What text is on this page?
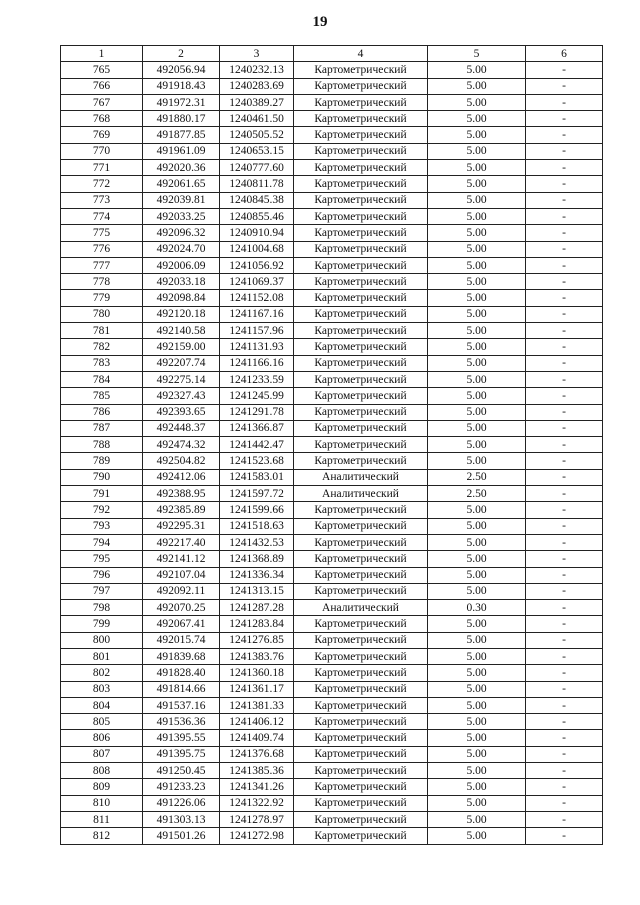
19
1	2	3	4	5	6
765	492056.94	1240232.13	Картометрический	5.00	-
766	491918.43	1240283.69	Картометрический	5.00	-
767	491972.31	1240389.27	Картометрический	5.00	-
768	491880.17	1240461.50	Картометрический	5.00	-
769	491877.85	1240505.52	Картометрический	5.00	-
770	491961.09	1240653.15	Картометрический	5.00	-
771	492020.36	1240777.60	Картометрический	5.00	-
772	492061.65	1240811.78	Картометрический	5.00	-
773	492039.81	1240845.38	Картометрический	5.00	-
774	492033.25	1240855.46	Картометрический	5.00	-
775	492096.32	1240910.94	Картометрический	5.00	-
776	492024.70	1241004.68	Картометрический	5.00	-
777	492006.09	1241056.92	Картометрический	5.00	-
778	492033.18	1241069.37	Картометрический	5.00	-
779	492098.84	1241152.08	Картометрический	5.00	-
780	492120.18	1241167.16	Картометрический	5.00	-
781	492140.58	1241157.96	Картометрический	5.00	-
782	492159.00	1241131.93	Картометрический	5.00	-
783	492207.74	1241166.16	Картометрический	5.00	-
784	492275.14	1241233.59	Картометрический	5.00	-
785	492327.43	1241245.99	Картометрический	5.00	-
786	492393.65	1241291.78	Картометрический	5.00	-
787	492448.37	1241366.87	Картометрический	5.00	-
788	492474.32	1241442.47	Картометрический	5.00	-
789	492504.82	1241523.68	Картометрический	5.00	-
790	492412.06	1241583.01	Аналитический	2.50	-
791	492388.95	1241597.72	Аналитический	2.50	-
792	492385.89	1241599.66	Картометрический	5.00	-
793	492295.31	1241518.63	Картометрический	5.00	-
794	492217.40	1241432.53	Картометрический	5.00	-
795	492141.12	1241368.89	Картометрический	5.00	-
796	492107.04	1241336.34	Картометрический	5.00	-
797	492092.11	1241313.15	Картометрический	5.00	-
798	492070.25	1241287.28	Аналитический	0.30	-
799	492067.41	1241283.84	Картометрический	5.00	-
800	492015.74	1241276.85	Картометрический	5.00	-
801	491839.68	1241383.76	Картометрический	5.00	-
802	491828.40	1241360.18	Картометрический	5.00	-
803	491814.66	1241361.17	Картометрический	5.00	-
804	491537.16	1241381.33	Картометрический	5.00	-
805	491536.36	1241406.12	Картометрический	5.00	-
806	491395.55	1241409.74	Картометрический	5.00	-
807	491395.75	1241376.68	Картометрический	5.00	-
808	491250.45	1241385.36	Картометрический	5.00	-
809	491233.23	1241341.26	Картометрический	5.00	-
810	491226.06	1241322.92	Картометрический	5.00	-
811	491303.13	1241278.97	Картометрический	5.00	-
812	491501.26	1241272.98	Картометрический	5.00	-
